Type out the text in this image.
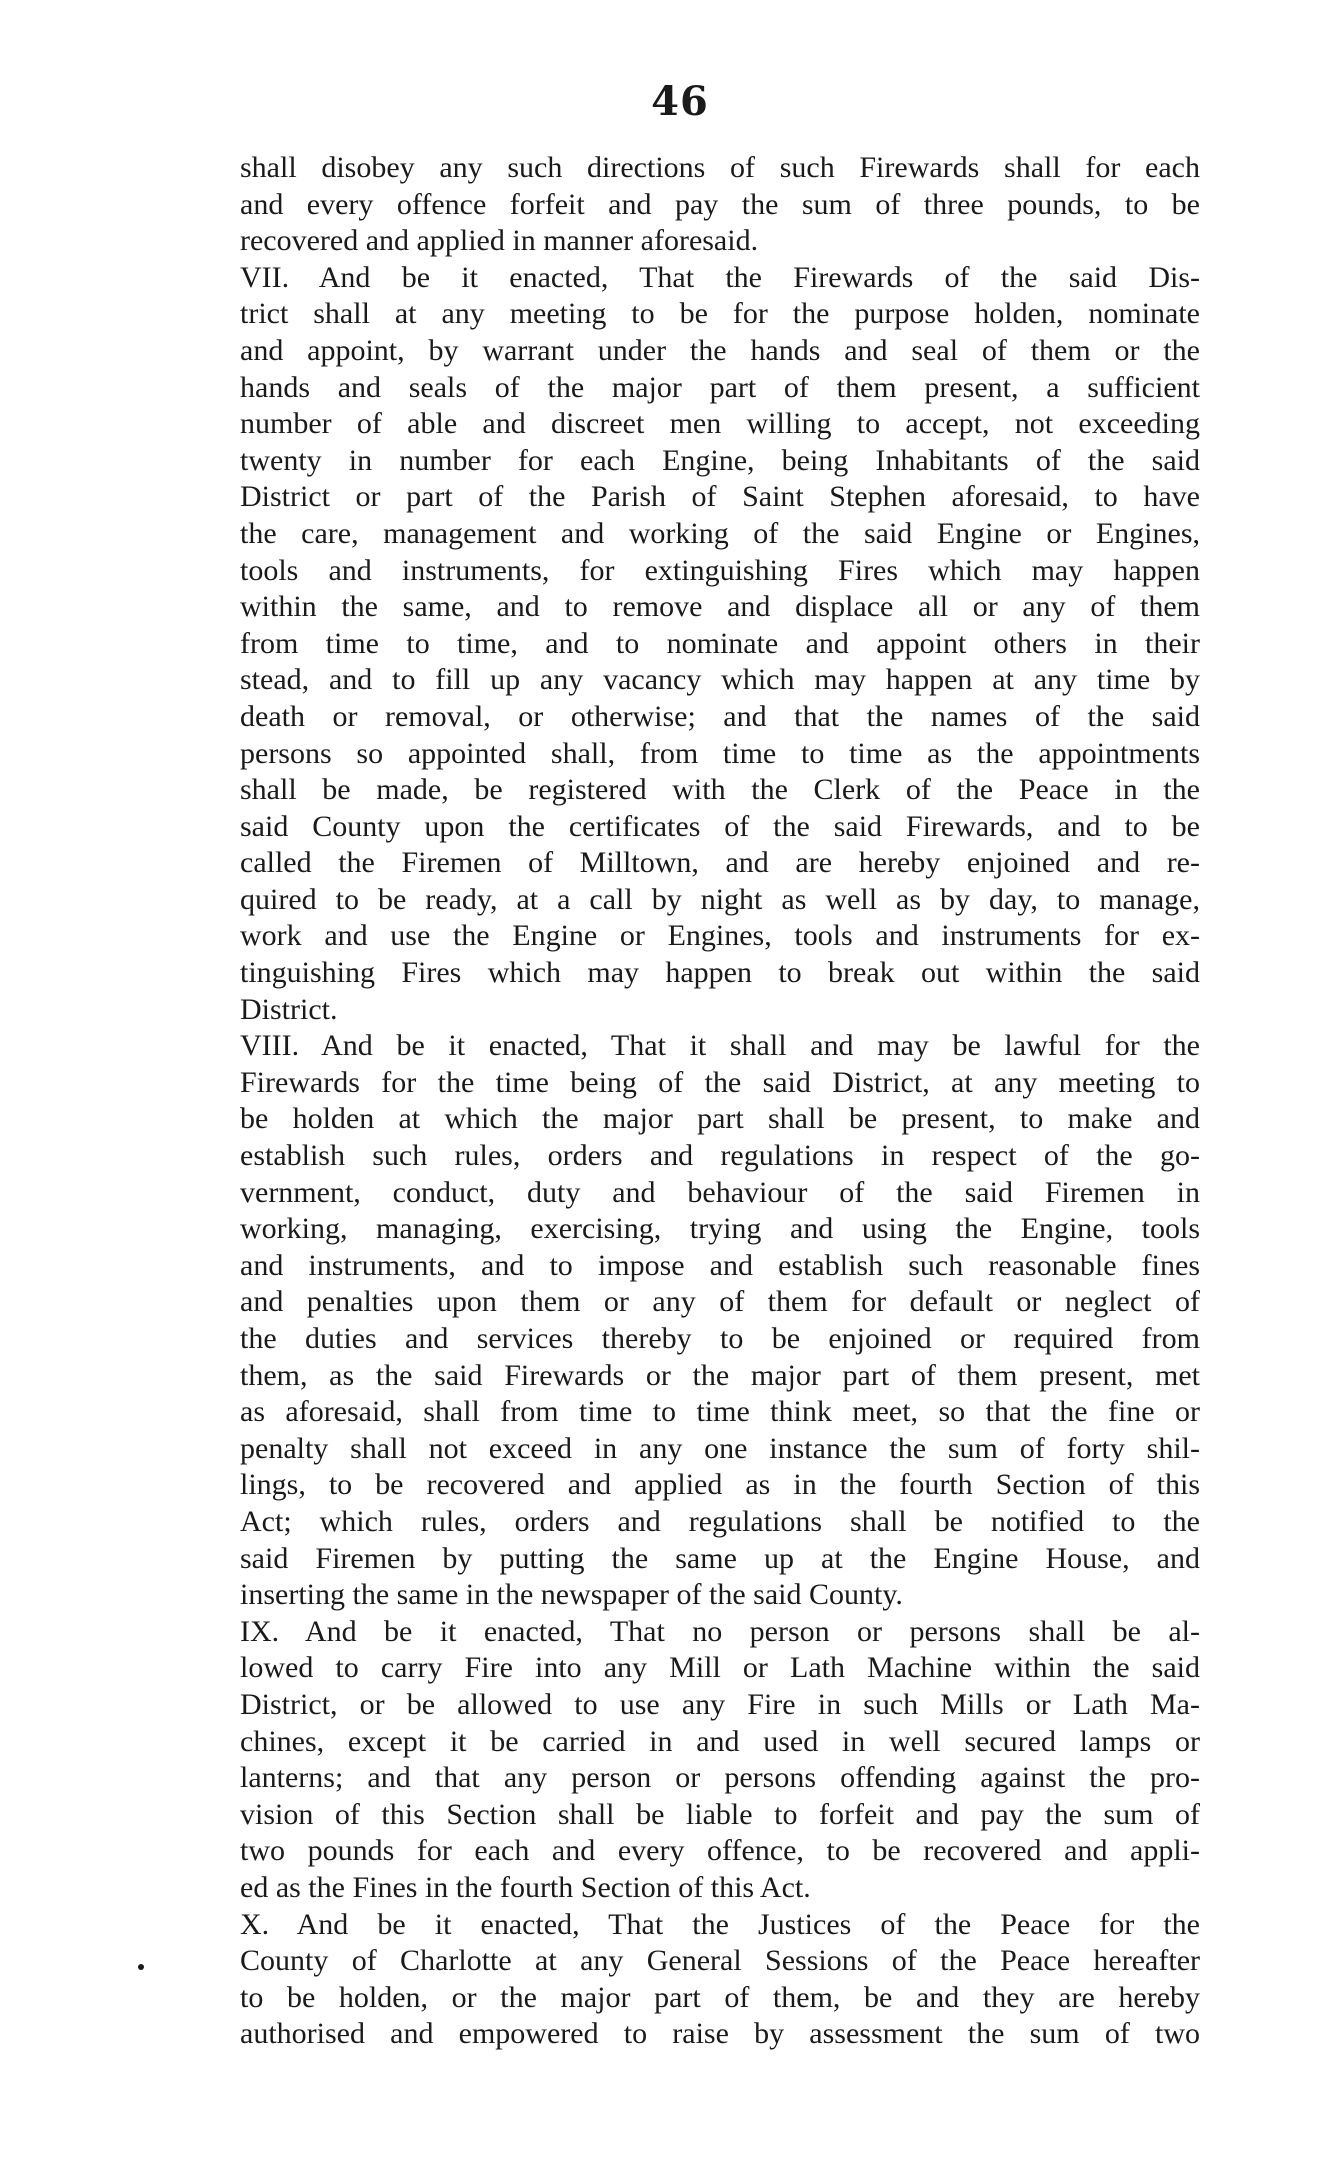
46
shall disobey any such directions of such Firewards shall for each
and every offence forfeit and pay the sum of three pounds, to be
recovered and applied in manner aforesaid.
VII. And be it enacted, That the Firewards of the said Dis-
trict shall at any meeting to be for the purpose holden, nominate
and appoint, by warrant under the hands and seal of them or the
hands and seals of the major part of them present, a sufficient
number of able and discreet men willing to accept, not exceeding
twenty in number for each Engine, being Inhabitants of the said
District or part of the Parish of Saint Stephen aforesaid, to have
the care, management and working of the said Engine or Engines,
tools and instruments, for extinguishing Fires which may happen
within the same, and to remove and displace all or any of them
from time to time, and to nominate and appoint others in their
stead, and to fill up any vacancy which may happen at any time by
death or removal, or otherwise; and that the names of the said
persons so appointed shall, from time to time as the appointments
shall be made, be registered with the Clerk of the Peace in the
said County upon the certificates of the said Firewards, and to be
called the Firemen of Milltown, and are hereby enjoined and re-
quired to be ready, at a call by night as well as by day, to manage,
work and use the Engine or Engines, tools and instruments for ex-
tinguishing Fires which may happen to break out within the said
District.
VIII. And be it enacted, That it shall and may be lawful for the
Firewards for the time being of the said District, at any meeting to
be holden at which the major part shall be present, to make and
establish such rules, orders and regulations in respect of the go-
vernment, conduct, duty and behaviour of the said Firemen in
working, managing, exercising, trying and using the Engine, tools
and instruments, and to impose and establish such reasonable fines
and penalties upon them or any of them for default or neglect of
the duties and services thereby to be enjoined or required from
them, as the said Firewards or the major part of them present, met
as aforesaid, shall from time to time think meet, so that the fine or
penalty shall not exceed in any one instance the sum of forty shil-
lings, to be recovered and applied as in the fourth Section of this
Act; which rules, orders and regulations shall be notified to the
said Firemen by putting the same up at the Engine House, and
inserting the same in the newspaper of the said County.
IX. And be it enacted, That no person or persons shall be al-
lowed to carry Fire into any Mill or Lath Machine within the said
District, or be allowed to use any Fire in such Mills or Lath Ma-
chines, except it be carried in and used in well secured lamps or
lanterns; and that any person or persons offending against the pro-
vision of this Section shall be liable to forfeit and pay the sum of
two pounds for each and every offence, to be recovered and appli-
ed as the Fines in the fourth Section of this Act.
X. And be it enacted, That the Justices of the Peace for the
County of Charlotte at any General Sessions of the Peace hereafter
to be holden, or the major part of them, be and they are hereby
authorised and empowered to raise by assessment the sum of two
